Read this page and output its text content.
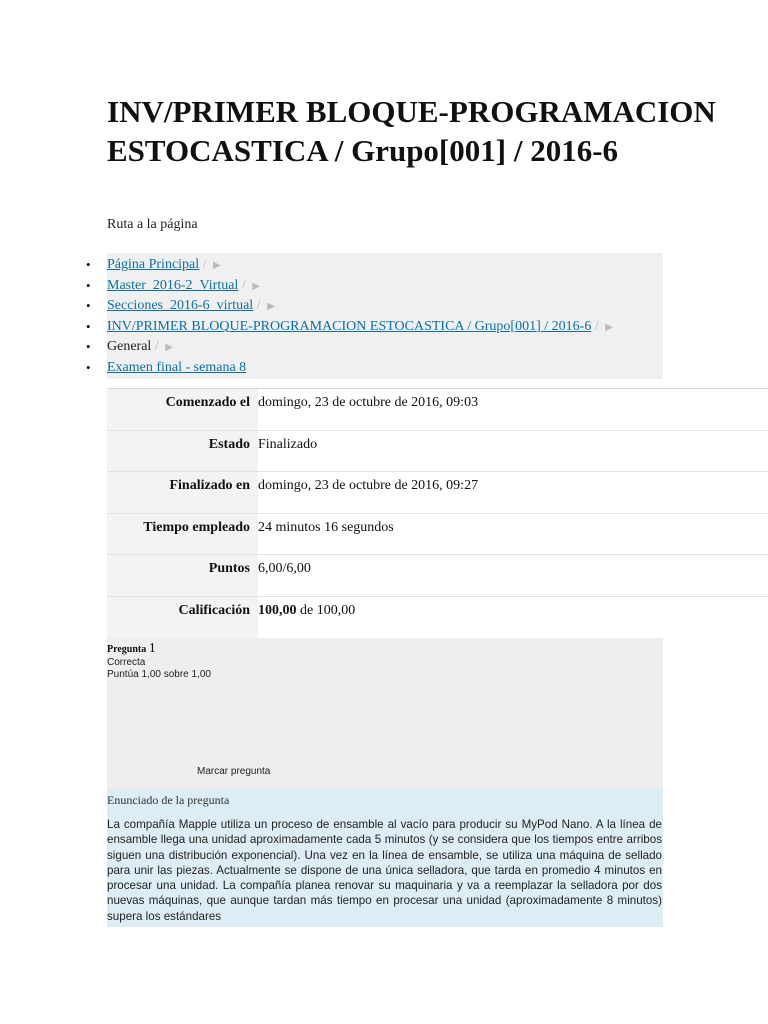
INV/PRIMER BLOQUE-PROGRAMACION ESTOCASTICA / Grupo[001] / 2016-6
Ruta a la página
• Página Principal / ▶
• Master_2016-2_Virtual / ▶
• Secciones_2016-6_virtual / ▶
• INV/PRIMER BLOQUE-PROGRAMACION ESTOCASTICA / Grupo[001] / 2016-6 / ▶
• General / ▶
• Examen final - semana 8
Comenzado el	domingo, 23 de octubre de 2016, 09:03
Estado	Finalizado
Finalizado en	domingo, 23 de octubre de 2016, 09:27
Tiempo empleado	24 minutos 16 segundos
Puntos	6,00/6,00
Calificación	100,00 de 100,00
Pregunta 1
Correcta
Puntúa 1,00 sobre 1,00
Marcar pregunta
Enunciado de la pregunta
La compañía Mapple utiliza un proceso de ensamble al vacío para producir su MyPod Nano. A la línea de ensamble llega una unidad aproximadamente cada 5 minutos (y se considera que los tiempos entre arribos siguen una distribución exponencial). Una vez en la línea de ensamble, se utiliza una máquina de sellado para unir las piezas. Actualmente se dispone de una única selladora, que tarda en promedio 4 minutos en procesar una unidad. La compañía planea renovar su maquinaria y va a reemplazar la selladora por dos nuevas máquinas, que aunque tardan más tiempo en procesar una unidad (aproximadamente 8 minutos) supera los estándares
